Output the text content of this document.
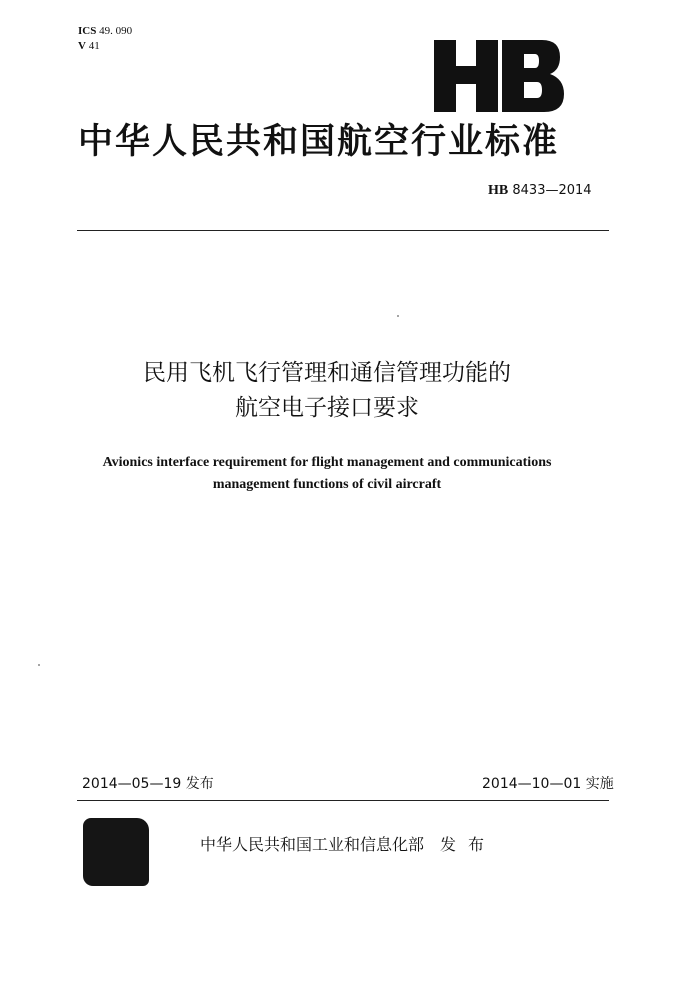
ICS 49. 090
V 41
中华人民共和国航空行业标准
HB 8433—2014
民用飞机飞行管理和通信管理功能的
航空电子接口要求
Avionics interface requirement for flight management and communications
management functions of civil aircraft
2014—05—19 发布	2014—10—01 实施
中华人民共和国工业和信息化部 发布
